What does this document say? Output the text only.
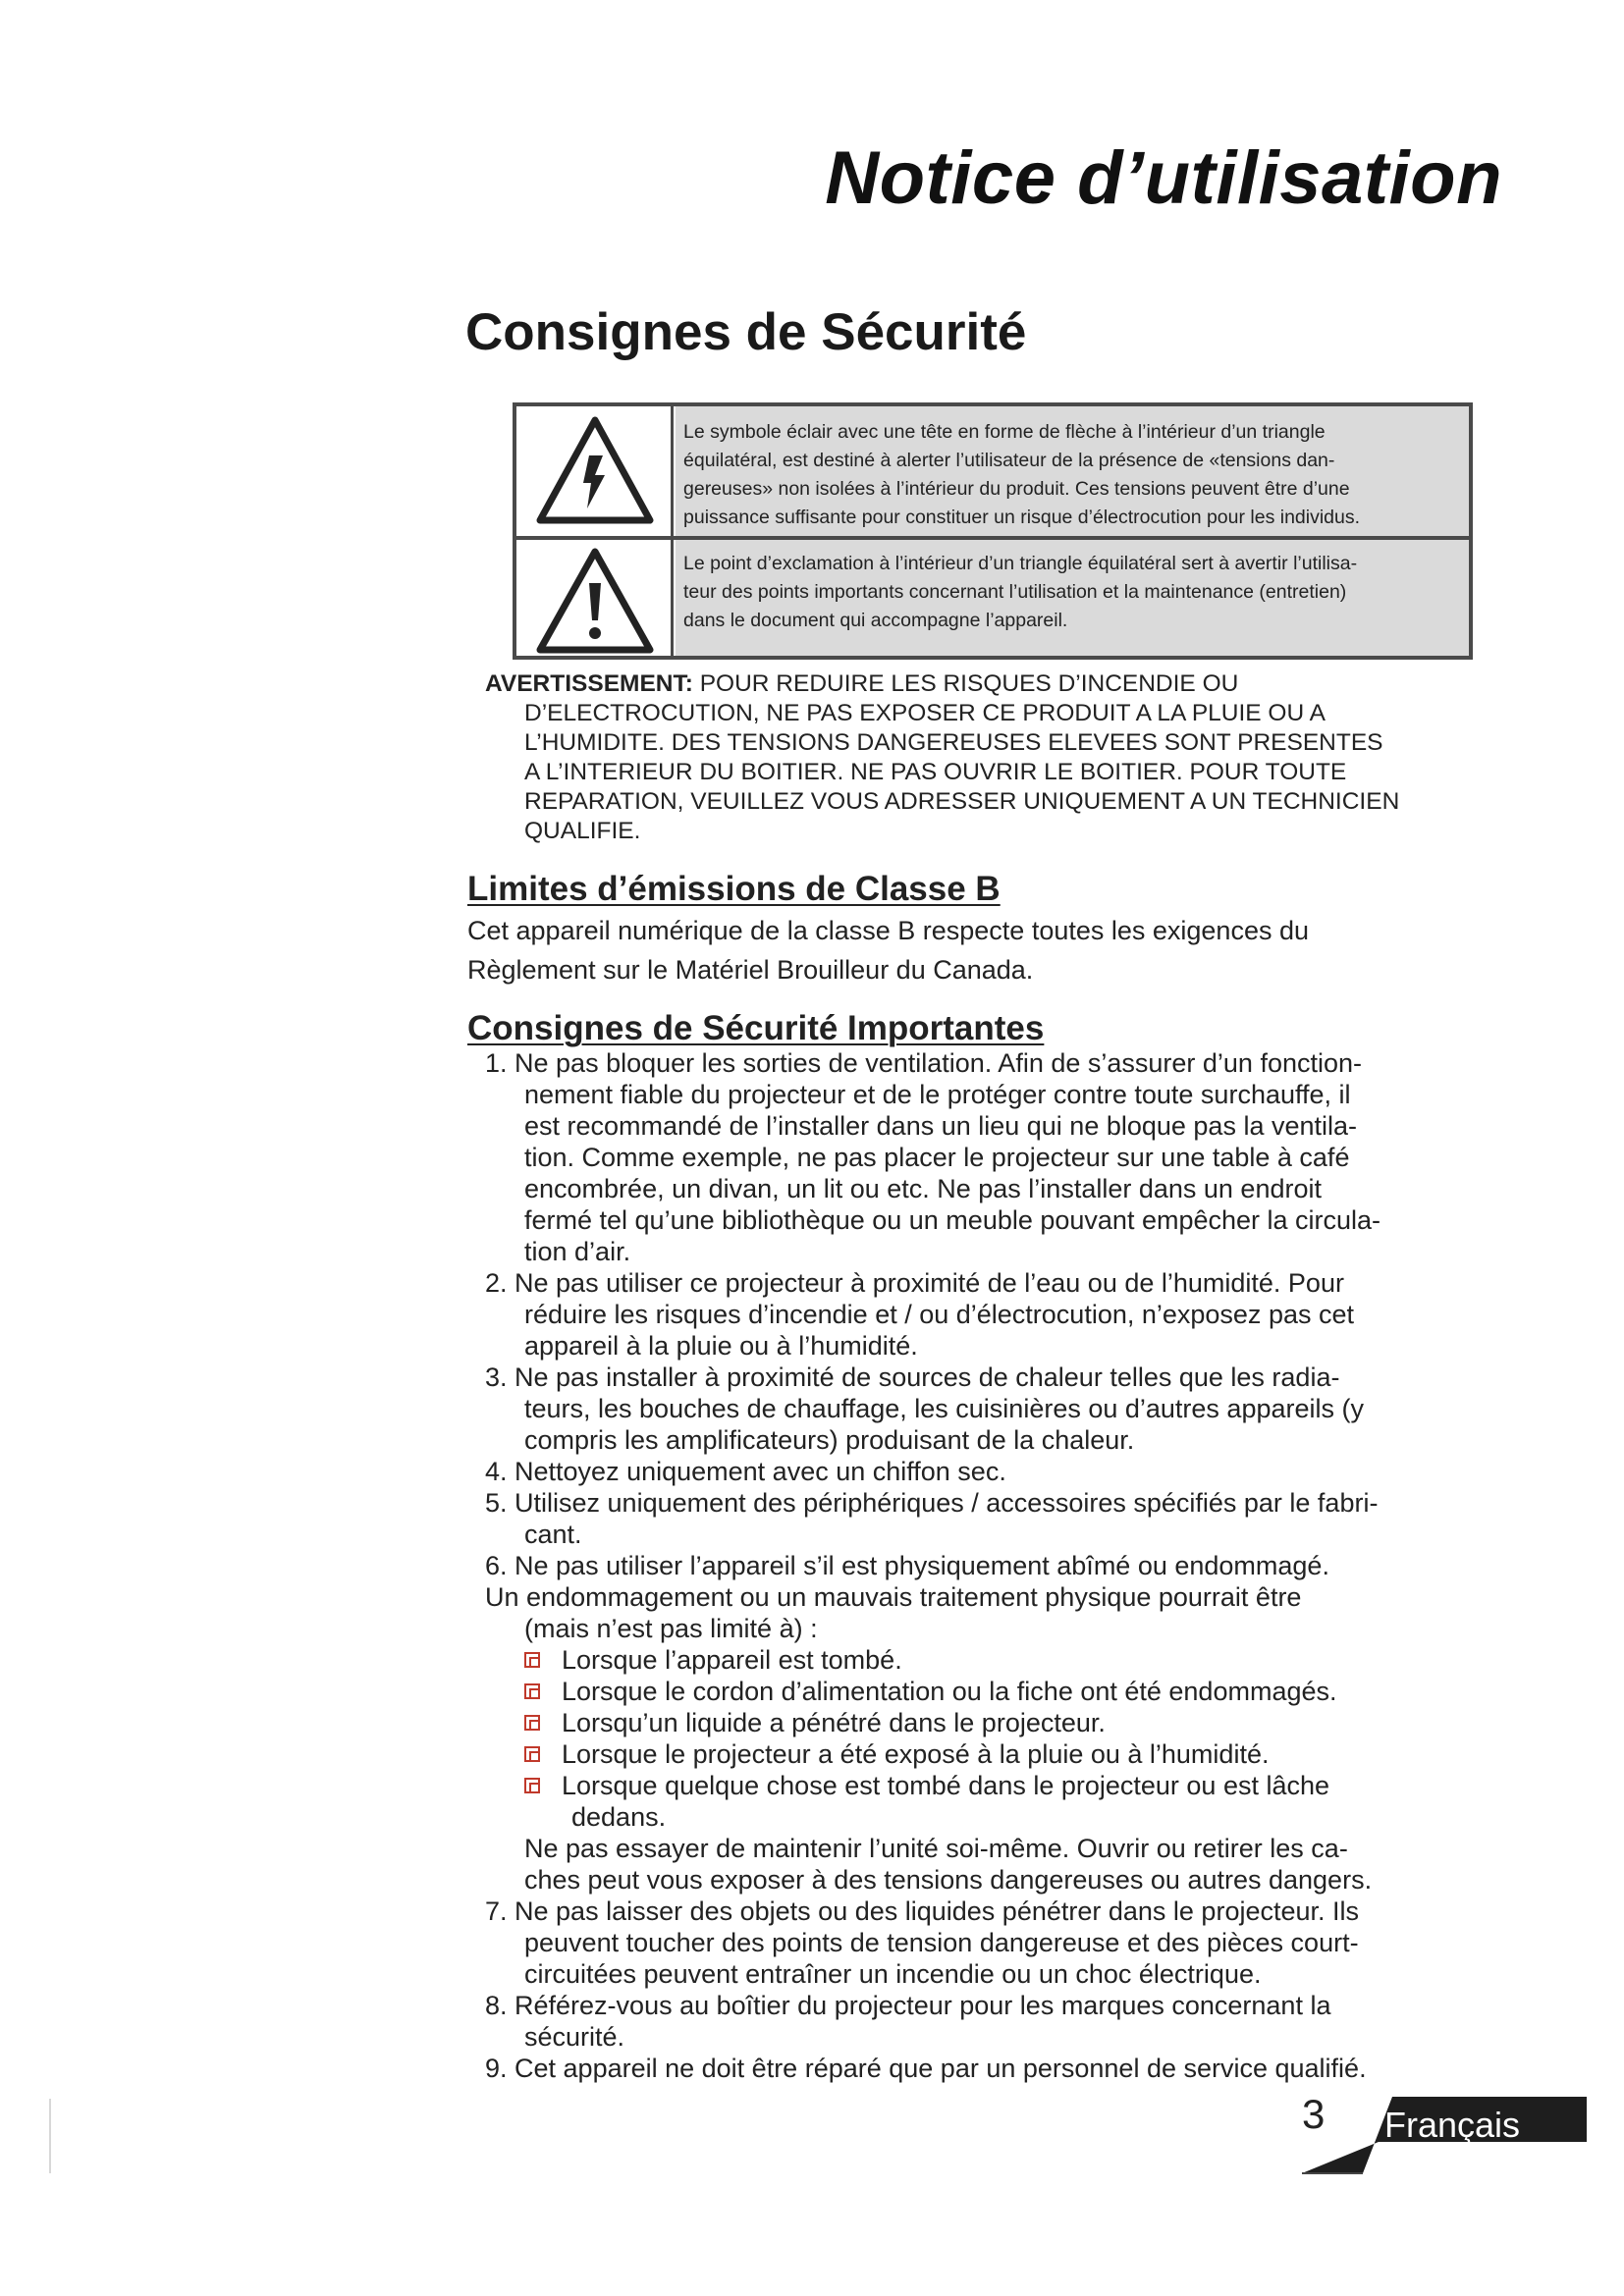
Notice d’utilisation
Consignes de Sécurité
Le symbole éclair avec une tête en forme de flèche à l’intérieur d’un triangle
équilatéral, est destiné à alerter l’utilisateur de la présence de «tensions dan-
gereuses» non isolées à l’intérieur du produit. Ces tensions peuvent être d’une
puissance suffisante pour constituer un risque d’électrocution pour les individus.
Le point d’exclamation à l’intérieur d’un triangle équilatéral sert à avertir l’utilisa-
teur des points importants concernant l’utilisation et la maintenance (entretien)
dans le document qui accompagne l’appareil.
AVERTISSEMENT: POUR REDUIRE LES RISQUES D’INCENDIE OU
D’ELECTROCUTION, NE PAS EXPOSER CE PRODUIT A LA PLUIE OU A
L’HUMIDITE. DES TENSIONS DANGEREUSES ELEVEES SONT PRESENTES
A L’INTERIEUR DU BOITIER. NE PAS OUVRIR LE BOITIER. POUR TOUTE
REPARATION, VEUILLEZ VOUS ADRESSER UNIQUEMENT A UN TECHNICIEN
QUALIFIE.
Limites d’émissions de Classe B
Cet appareil numérique de la classe B respecte toutes les exigences du
Règlement sur le Matériel Brouilleur du Canada.
Consignes de Sécurité Importantes
1. Ne pas bloquer les sorties de ventilation. Afin de s’assurer d’un fonction-
nement fiable du projecteur et de le protéger contre toute surchauffe, il
est recommandé de l’installer dans un lieu qui ne bloque pas la ventila-
tion. Comme exemple, ne pas placer le projecteur sur une table à café
encombrée, un divan, un lit ou etc. Ne pas l’installer dans un endroit
fermé tel qu’une bibliothèque ou un meuble pouvant empêcher la circula-
tion d’air.
2. Ne pas utiliser ce projecteur à proximité de l’eau ou de l’humidité. Pour
réduire les risques d’incendie et / ou d’électrocution, n’exposez pas cet
appareil à la pluie ou à l’humidité.
3. Ne pas installer à proximité de sources de chaleur telles que les radia-
teurs, les bouches de chauffage, les cuisinières ou d’autres appareils (y
compris les amplificateurs) produisant de la chaleur.
4. Nettoyez uniquement avec un chiffon sec.
5. Utilisez uniquement des périphériques / accessoires spécifiés par le fabri-
cant.
6. Ne pas utiliser l’appareil s’il est physiquement abîmé ou endommagé.
Un endommagement ou un mauvais traitement physique pourrait être
(mais n’est pas limité à) :
Lorsque l’appareil est tombé.
Lorsque le cordon d’alimentation ou la fiche ont été endommagés.
Lorsqu’un liquide a pénétré dans le projecteur.
Lorsque le projecteur a été exposé à la pluie ou à l’humidité.
Lorsque quelque chose est tombé dans le projecteur ou est lâche
dedans.
Ne pas essayer de maintenir l’unité soi-même. Ouvrir ou retirer les ca-
ches peut vous exposer à des tensions dangereuses ou autres dangers.
7. Ne pas laisser des objets ou des liquides pénétrer dans le projecteur. Ils
peuvent toucher des points de tension dangereuse et des pièces court-
circuitées peuvent entraîner un incendie ou un choc électrique.
8. Référez-vous au boîtier du projecteur pour les marques concernant la
sécurité.
9. Cet appareil ne doit être réparé que par un personnel de service qualifié.
3 Français
